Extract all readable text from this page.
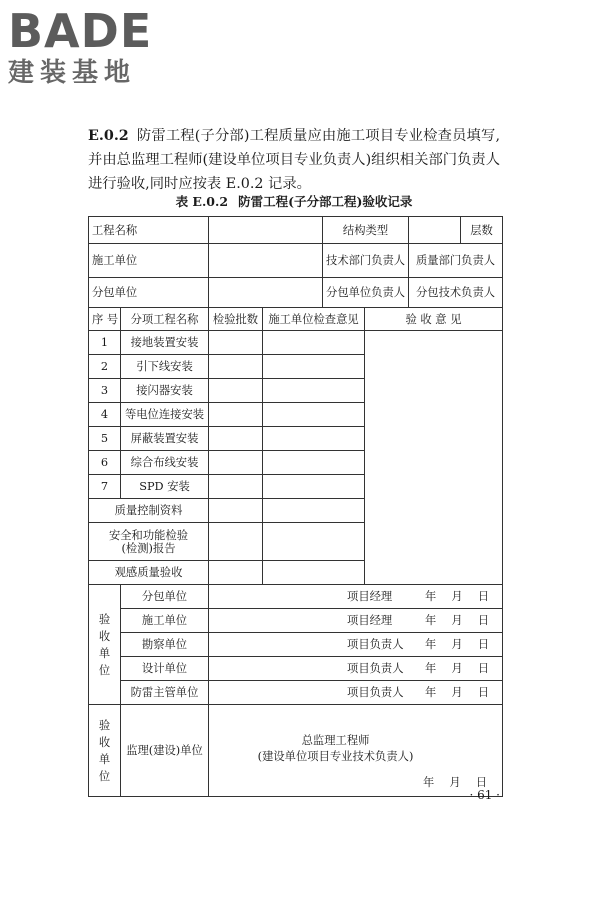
BADE
建装基地
E.0.2 防雷工程(子分部)工程质量应由施工项目专业检查员填写,并由总监理工程师(建设单位项目专业负责人)组织相关部门负责人进行验收,同时应按表 E.0.2 记录。
表 E.0.2 防雷工程(子分部工程)验收记录
工程名称				结构类型			层数
施工单位				技术部门负责人		质量部门负责人	
分包单位				分包单位负责人		分包技术负责人	
序 号	分项工程名称	检验批数	施工单位检查意见		验 收 意 见		
1	接地装置安装						
2	引下线安装						
3	接闪器安装						
4	等电位连接安装						
5	屏蔽装置安装						
6	综合布线安装						
7	SPD 安装						
质量控制资料							
安全和功能检验(检测)报告							
观感质量验收							
验收单位	分包单位	项目经理 年 月 日					

	施工单位	项目经理 年 月 日					

	勘察单位	项目负责人 年 月 日					

	设计单位	项目负责人 年 月 日					

	防雷主管单位	项目负责人 年 月 日					

验收单位	监理(建设)单位	总监理工程师
(建设单位项目专业技术负责人)
年 月 日					
· 61 ·
